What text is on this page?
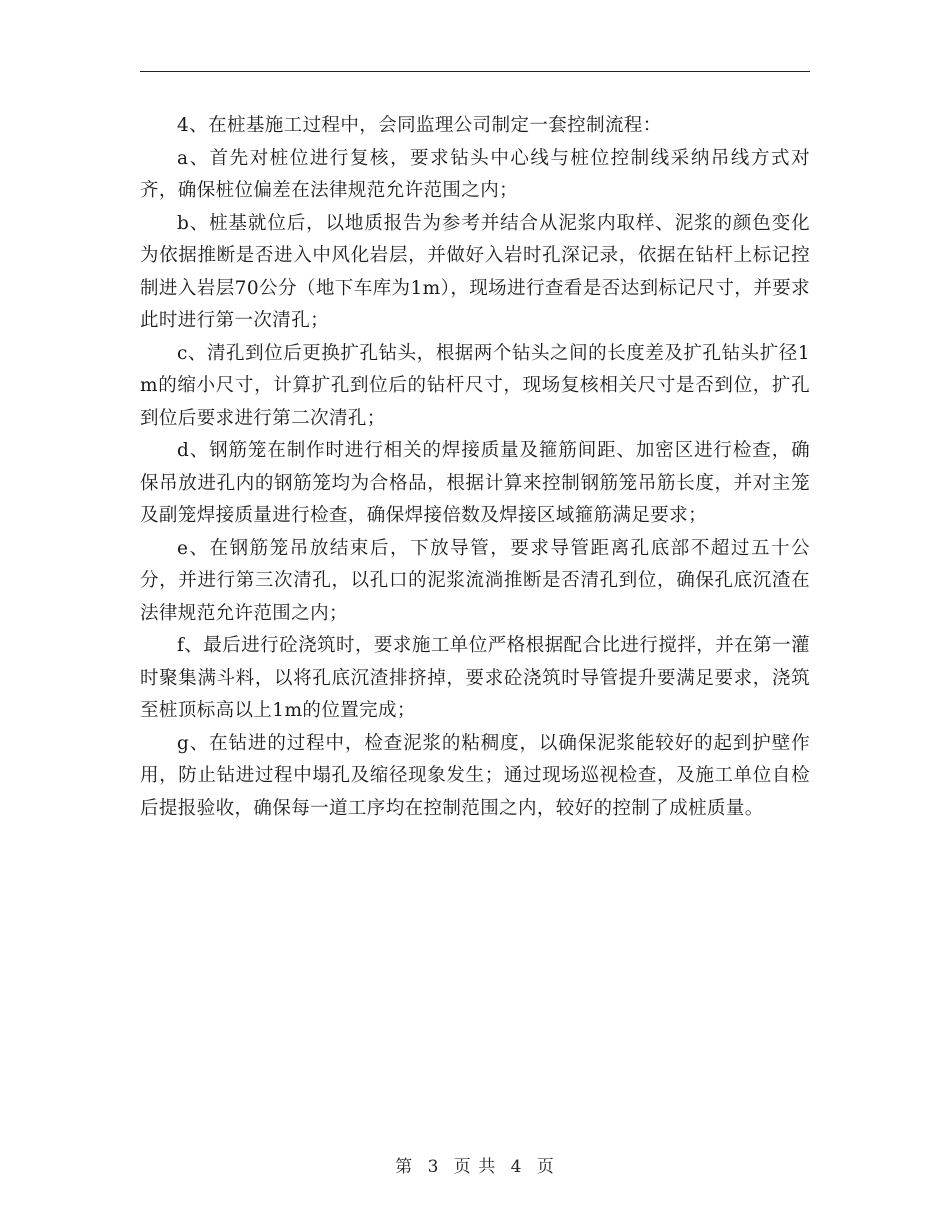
4、在桩基施工过程中，会同监理公司制定一套控制流程：

a、首先对桩位进行复核，要求钻头中心线与桩位控制线采纳吊线方式对齐，确保桩位偏差在法律规范允许范围之内；

b、桩基就位后，以地质报告为参考并结合从泥浆内取样、泥浆的颜色变化为依据推断是否进入中风化岩层，并做好入岩时孔深记录，依据在钻杆上标记控制进入岩层70公分（地下车库为1m），现场进行查看是否达到标记尺寸，并要求此时进行第一次清孔；

c、清孔到位后更换扩孔钻头，根据两个钻头之间的长度差及扩孔钻头扩径1m的缩小尺寸，计算扩孔到位后的钻杆尺寸，现场复核相关尺寸是否到位，扩孔到位后要求进行第二次清孔；

d、钢筋笼在制作时进行相关的焊接质量及箍筋间距、加密区进行检查，确保吊放进孔内的钢筋笼均为合格品，根据计算来控制钢筋笼吊筋长度，并对主笼及副笼焊接质量进行检查，确保焊接倍数及焊接区域箍筋满足要求；

e、在钢筋笼吊放结束后，下放导管，要求导管距离孔底部不超过五十公分，并进行第三次清孔，以孔口的泥浆流淌推断是否清孔到位，确保孔底沉渣在法律规范允许范围之内；

f、最后进行砼浇筑时，要求施工单位严格根据配合比进行搅拌，并在第一灌时聚集满斗料，以将孔底沉渣排挤掉，要求砼浇筑时导管提升要满足要求，浇筑至桩顶标高以上1m的位置完成；

g、在钻进的过程中，检查泥浆的粘稠度，以确保泥浆能较好的起到护壁作用，防止钻进过程中塌孔及缩径现象发生；通过现场巡视检查，及施工单位自检后提报验收，确保每一道工序均在控制范围之内，较好的控制了成桩质量。

第 3 页 共 4 页
